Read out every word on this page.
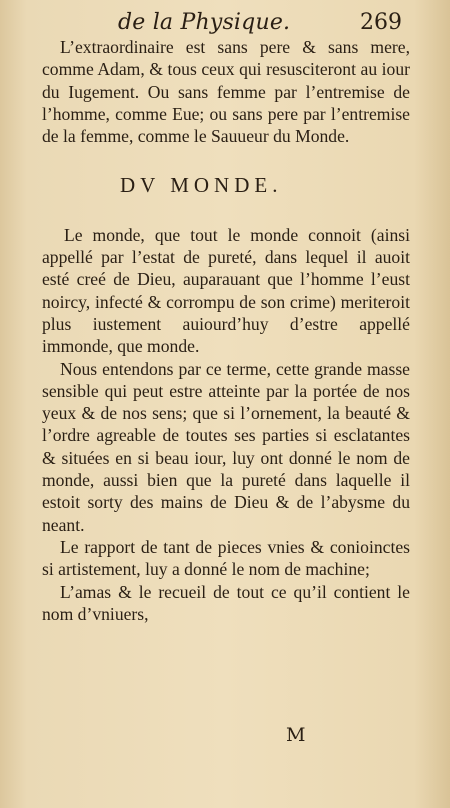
de la Physique.	269

L’extraordinaire est sans pere & sans mere, comme Adam, & tous ceux qui resusciteront au iour du Iugement. Ou sans femme par l’entremise de l’homme, comme Eue; ou sans pere par l’entremise de la femme, comme le Sauueur du Monde.

DV MONDE.

Le monde, que tout le monde connoit (ainsi appellé par l’estat de pureté, dans lequel il auoit esté creé de Dieu, auparauant que l’homme l’eust noircy, infecté & corrompu de son crime) meriteroit plus iustement auiourd’huy d’estre appellé immonde, que monde.

Nous entendons par ce terme, cette grande masse sensible qui peut estre atteinte par la portée de nos yeux & de nos sens; que si l’ornement, la beauté & l’ordre agreable de toutes ses parties si esclatantes & situées en si beau iour, luy ont donné le nom de monde, aussi bien que la pureté dans laquelle il estoit sorty des mains de Dieu & de l’abysme du neant.

Le rapport de tant de pieces vnies & conioinctes si artistement, luy a donné le nom de machine;

L’amas & le recueil de tout ce qu’il contient le nom d’vniuers,

M
